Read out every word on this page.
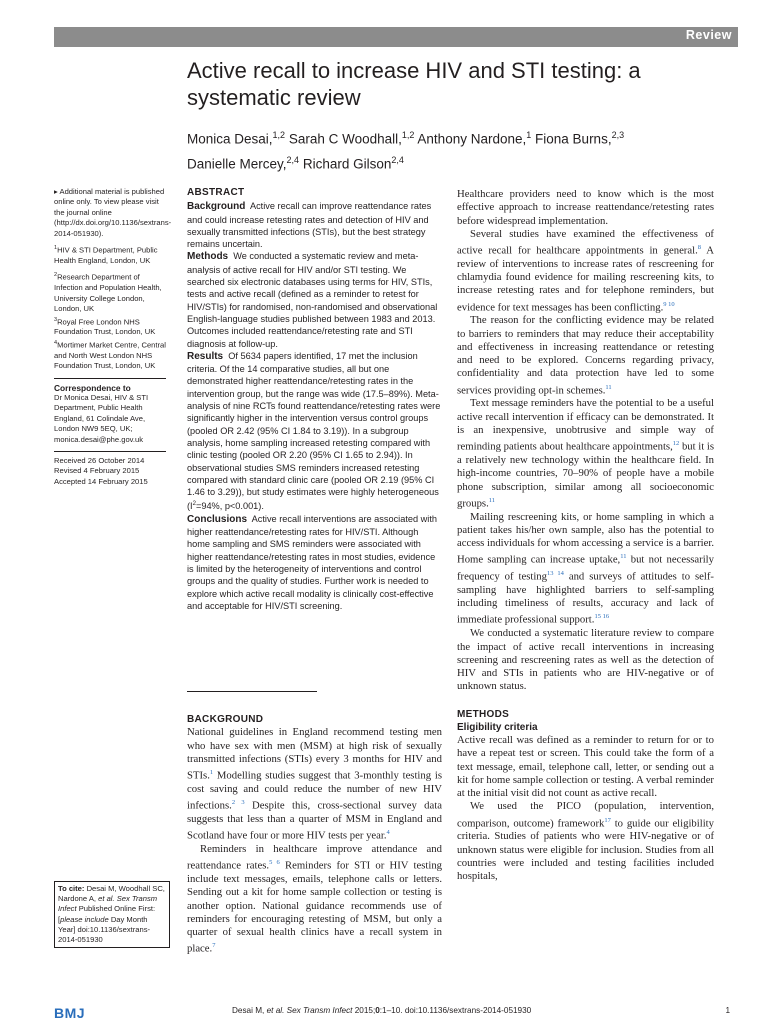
Review
Active recall to increase HIV and STI testing: a systematic review
Monica Desai,$^{1,2}$ Sarah C Woodhall,$^{1,2}$ Anthony Nardone,$^1$ Fiona Burns,$^{2,3}$
Danielle Mercey,$^{2,4}$ Richard Gilson$^{2,4}$

▸ Additional material is published online only. To view please visit the journal online (http://dx.doi.org/10.1136/sextrans-2014-051930).

$^1$HIV & STI Department, Public Health England, London, UK

$^2$Research Department of Infection and Population Health, University College London, London, UK

$^3$Royal Free London NHS Foundation Trust, London, UK

$^4$Mortimer Market Centre, Central and North West London NHS Foundation Trust, London, UK

Correspondence to

Dr Monica Desai, HIV & STI Department, Public Health England, 61 Colindale Ave, London NW9 5EQ, UK; monica.desai@phe.gov.uk

Received 26 October 2014

Revised 4 February 2015

Accepted 14 February 2015

To cite: Desai M, Woodhall SC, Nardone A, et al. Sex Transm Infect Published Online First: [please include Day Month Year] doi:10.1136/sextrans-2014-051930
ABSTRACT

Background Active recall can improve reattendance rates and could increase retesting rates and detection of HIV and sexually transmitted infections (STIs), but the best strategy remains uncertain.

Methods We conducted a systematic review and meta-analysis of active recall for HIV and/or STI testing. We searched six electronic databases using terms for HIV, STIs, tests and active recall (defined as a reminder to retest for HIV/STIs) for randomised, non-randomised and observational English-language studies published between 1983 and 2013. Outcomes included reattendance/retesting rate and STI diagnosis at follow-up.

Results Of 5634 papers identified, 17 met the inclusion criteria. Of the 14 comparative studies, all but one demonstrated higher reattendance/retesting rates in the intervention group, but the range was wide (17.5–89%). Meta-analysis of nine RCTs found reattendance/retesting rates were significantly higher in the intervention versus control groups (pooled OR 2.42 (95% CI 1.84 to 3.19)). In a subgroup analysis, home sampling increased retesting compared with clinic testing (pooled OR 2.20 (95% CI 1.65 to 2.94)). In observational studies SMS reminders increased retesting compared with standard clinic care (pooled OR 2.19 (95% CI 1.46 to 3.29)), but study estimates were highly heterogeneous ($I^2=94\%$, p<0.001).

Conclusions Active recall interventions are associated with higher reattendance/retesting rates for HIV/STI. Although home sampling and SMS reminders were associated with higher reattendance/retesting rates in most studies, evidence is limited by the heterogeneity of interventions and control groups and the quality of studies. Further work is needed to explore which active recall modality is clinically cost-effective and acceptable for HIV/STI screening.

BACKGROUND

National guidelines in England recommend testing men who have sex with men (MSM) at high risk of sexually transmitted infections (STIs) every 3 months for HIV and STIs.$^1$ Modelling studies suggest that 3-monthly testing is cost saving and could reduce the number of new HIV infections.$^{2 3}$ Despite this, cross-sectional survey data suggests that less than a quarter of MSM in England and Scotland have four or more HIV tests per year.$^4$

Reminders in healthcare improve attendance and reattendance rates.$^{5 6}$ Reminders for STI or HIV testing include text messages, emails, telephone calls or letters. Sending out a kit for home sample collection or testing is another option. National guidance recommends use of reminders for encouraging retesting of MSM, but only a quarter of sexual health clinics have a recall system in place.$^7$

Healthcare providers need to know which is the most effective approach to increase reattendance/retesting rates before widespread implementation.

Several studies have examined the effectiveness of active recall for healthcare appointments in general.$^8$ A review of interventions to increase rates of rescreening for chlamydia found evidence for mailing rescreening kits, to increase retesting rates and for telephone reminders, but evidence for text messages has been conflicting.$^{9 10}$

The reason for the conflicting evidence may be related to barriers to reminders that may reduce their acceptability and effectiveness in increasing reattendance or retesting and need to be explored. Concerns regarding privacy, confidentiality and data protection have led to some services providing opt-in schemes.$^{11}$

Text message reminders have the potential to be a useful active recall intervention if efficacy can be demonstrated. It is an inexpensive, unobtrusive and simple way of reminding patients about healthcare appointments,$^{12}$ but it is a relatively new technology within the healthcare field. In high-income countries, 70–90% of people have a mobile phone subscription, similar among all socioeconomic groups.$^{11}$

Mailing rescreening kits, or home sampling in which a patient takes his/her own sample, also has the potential to access individuals for whom accessing a service is a barrier. Home sampling can increase uptake,$^{11}$ but not necessarily frequency of testing$^{13 14}$ and surveys of attitudes to self-sampling have highlighted barriers to self-sampling including timeliness of results, accuracy and lack of immediate professional support.$^{15 16}$

We conducted a systematic literature review to compare the impact of active recall interventions in increasing screening and rescreening rates as well as the detection of HIV and STIs in patients who are HIV-negative or of unknown status.

METHODS
Eligibility criteria

Active recall was defined as a reminder to return for or to have a repeat test or screen. This could take the form of a text message, email, telephone call, letter, or sending out a kit for home sample collection or testing. A verbal reminder at the initial visit did not count as active recall.

We used the PICO (population, intervention, comparison, outcome) framework$^{17}$ to guide our eligibility criteria. Studies of patients who were HIV-negative or of unknown status were eligible for inclusion. Studies from all countries were included and testing facilities included hospitals,

BMJ	Desai M, et al. Sex Transm Infect 2015;0:1–10. doi:10.1136/sextrans-2014-051930	1
